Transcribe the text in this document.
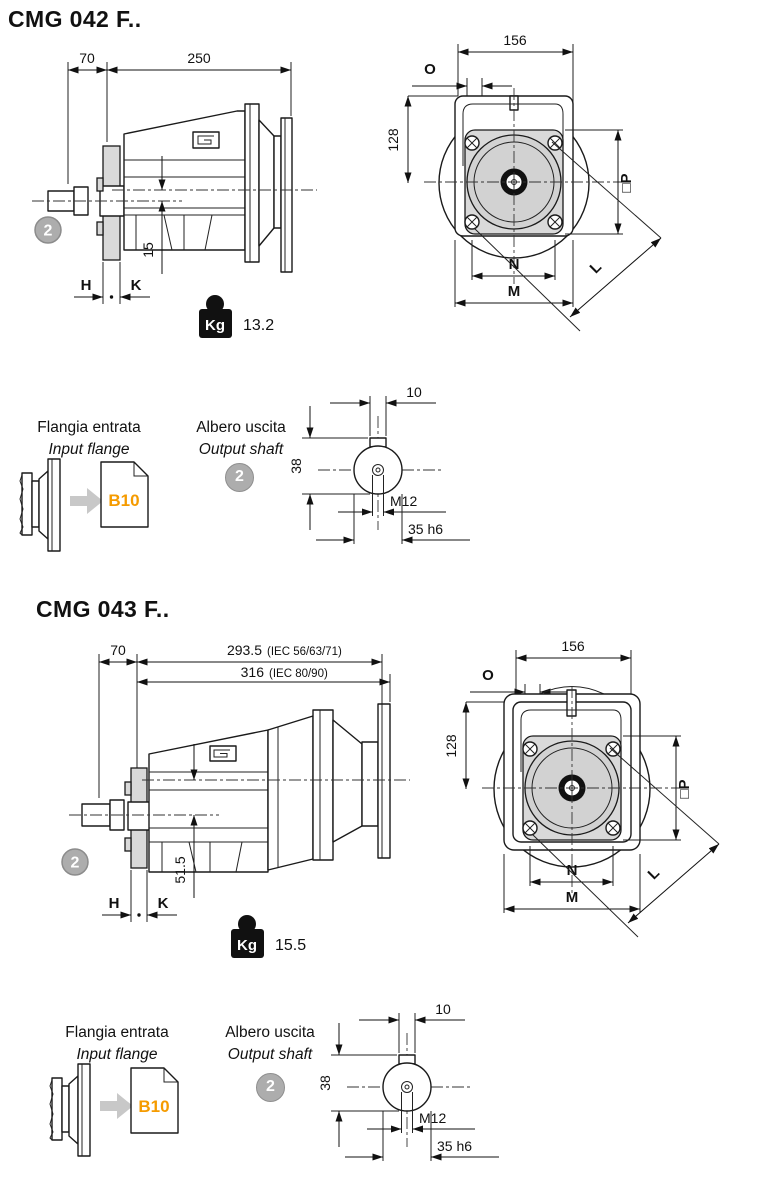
CMG 042 F..
70	250
15
H	K
2
Kg 13.2
156
O
128
□P
N
M
L
Flangia entrata
Input flange
B10
Albero uscita
Output shaft
2
10
38
M12
35 h6
CMG 043 F..
70	293.5 (IEC 56/63/71)
316 (IEC 80/90)
51.5
H	K
2
Kg 15.5
156
O
128
□P
N
M
L
Flangia entrata
Input flange
B10
Albero uscita
Output shaft
2
10
38
M12
35 h6
